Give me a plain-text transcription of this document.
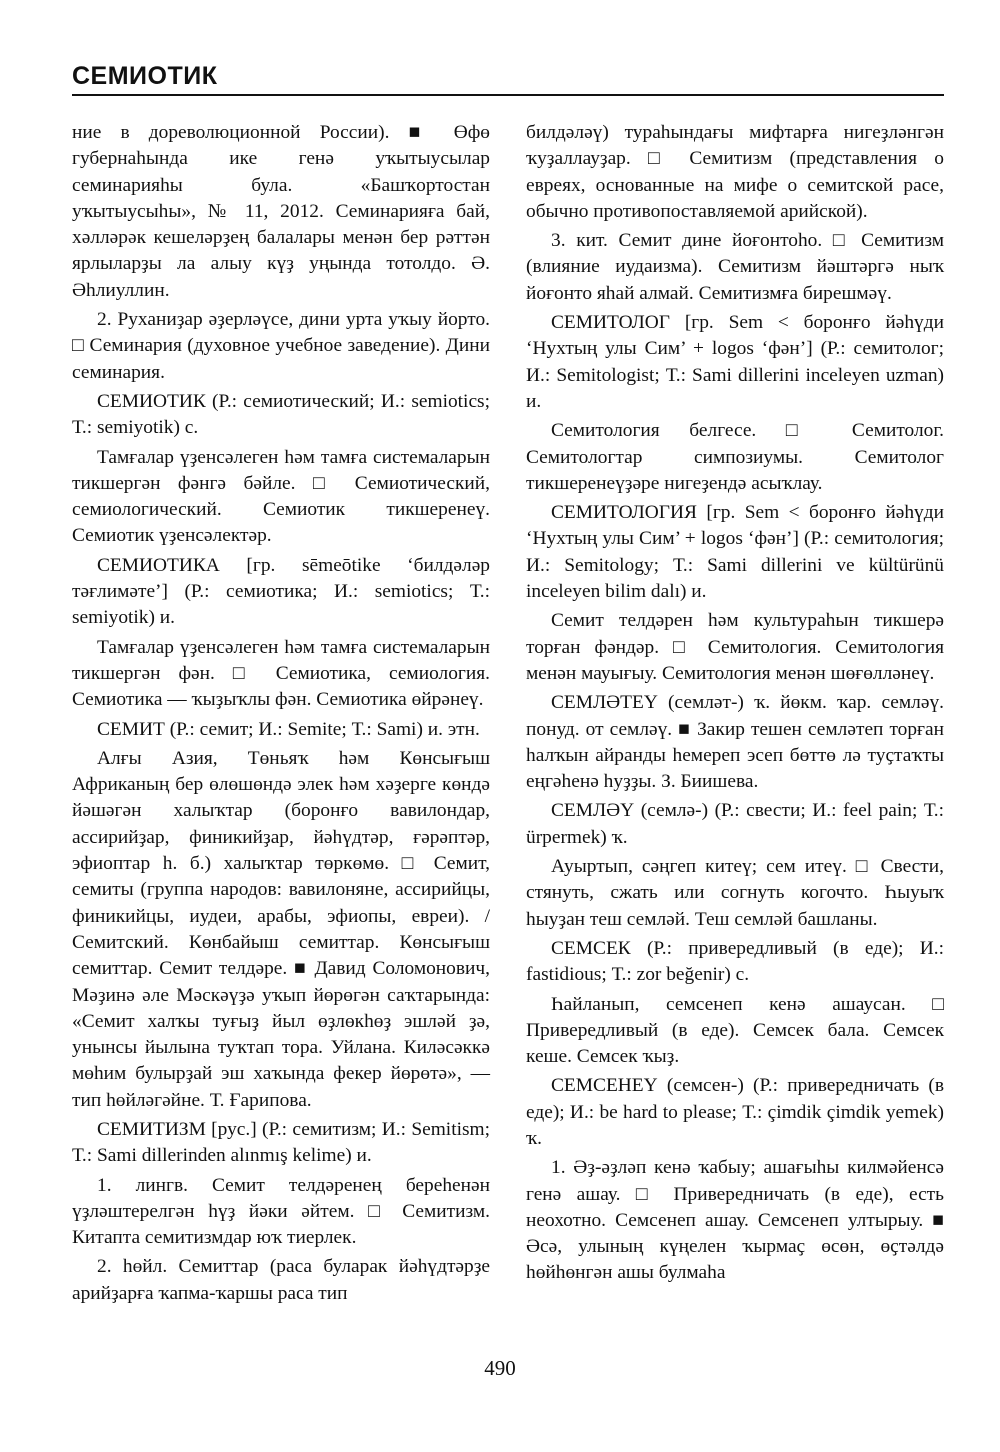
СЕМИОТИК

ние в дореволюционной России). ■ Өфө губернаһында ике генә уҡытыусылар семинарияһы була. «Башҡортостан уҡытыусыһы», № 11, 2012. Семинарияға бай, хәлләрәк кешеләрҙең балалары менән бер рәттән ярлыларҙы ла алыу күҙ уңында тотолдо. Ә. Әһлиуллин.

2. Руханиҙар әҙерләүсе, дини урта уҡыу йорто. □ Семинария (духовное учебное заведение). Дини семинария.

СЕМИОТИК (Р.: семиотический; И.: semiotics; Т.: semiyotik) с.

Тамғалар үҙенсәлеген һәм тамға системаларын тикшергән фәнгә бәйле. □ Семиотический, семиологический. Семиотик тикшеренеү. Семиотик үҙенсәлектәр.

СЕМИОТИКА [гр. sēmeōtike ‘билдәләр тәғлимәте’] (Р.: семиотика; И.: semiotics; Т.: semiyotik) и.

Тамғалар үҙенсәлеген һәм тамға системаларын тикшергән фән. □ Семиотика, семиология. Семиотика — ҡыҙыҡлы фән. Семиотика өйрәнеү.

СЕМИТ (Р.: семит; И.: Semite; Т.: Sami) и. этн.

Алғы Азия, Төньяҡ һәм Көнсығыш Африканың бер өлөшөндә элек һәм хәҙерге көндә йәшәгән халыҡтар (боронғо вавилондар, ассирийҙар, финикийҙар, йәһүдтәр, ғәрәптәр, эфиоптар һ. б.) халыҡтар төркөмө. □ Семит, семиты (группа народов: вавилоняне, ассирийцы, финикийцы, иудеи, арабы, эфиопы, евреи). / Семитский. Көнбайыш семиттар. Көнсығыш семиттар. Семит телдәре. ■ Давид Соломонович, Мәҙинә әле Мәскәүҙә уҡып йөрөгән саҡтарында: «Семит халҡы туғыҙ йыл өҙлөкһөҙ эшләй ҙә, унынсы йылына туҡтап тора. Уйлана. Киләсәккә мөһим булырҙай эш хаҡында фекер йөрөтә», — тип һөйләгәйне. Т. Ғарипова.

СЕМИТИЗМ [рус.] (Р.: семитизм; И.: Semitism; Т.: Sami dillerinden alınmış kelime) и.

1. лингв. Семит телдәренең береһенән үҙләштерелгән һүҙ йәки әйтем. □ Семитизм. Китапта семитизмдар юҡ тиерлек.

2. һөйл. Семиттар (раса буларак йәһүдтәрҙе арийҙарға ҡапма-ҡаршы раса тип

билдәләү) тураһындағы мифтарға нигеҙләнгән ҡуҙаллауҙар. □ Семитизм (представления о евреях, основанные на мифе о семитской расе, обычно противопоставляемой арийской).

3. кит. Семит дине йоғонтоһо. □ Семитизм (влияние иудаизма). Семитизм йәштәргә ныҡ йоғонто яһай алмай. Семитизмға бирешмәү.

СЕМИТОЛОГ [гр. Sem < боронғо йәһүди ‘Нухтың улы Сим’ + logos ‘фән’] (Р.: семитолог; И.: Semitologist; Т.: Sami dillerini inceleyen uzman) и.

Семитология белгесе. □ Семитолог. Семитологтар симпозиумы. Семитолог тикшеренеүҙәре нигеҙендә асыҡлау.

СЕМИТОЛОГИЯ [гр. Sem < боронғо йәһүди ‘Нухтың улы Сим’ + logos ‘фән’] (Р.: семитология; И.: Semitology; Т.: Sami dillerini ve kültürünü inceleyen bilim dalı) и.

Семит телдәрен һәм культураһын тикшерә торған фәндәр. □ Семитология. Семитология менән мауығыу. Семитология менән шөғөлләнеү.

СЕМЛӘТЕҮ (семләт-) ҡ. йөкм. ҡар. семләү. понуд. от семләү. ■ Закир тешен семләтеп торған һалҡын айранды һемереп эсеп бөттө лә туҫтаҡты еңгәһенә һуҙҙы. З. Биишева.

СЕМЛӘҮ (семлә-) (Р.: свести; И.: feel pain; Т.: ürpermek) ҡ.

Ауыртып, сәңгеп китеү; сем итеү. □ Свести, стянуть, сжать или согнуть когочто. Һыуыҡ һыуҙан теш семләй. Теш семләй башланы.

СЕМСЕК (Р.: привередливый (в еде); И.: fastidious; Т.: zor beğenir) с.

Һайланып, семсенеп кенә ашаусан. □ Привередливый (в еде). Семсек бала. Семсек кеше. Семсек ҡыҙ.

СЕМСЕНЕҮ (семсен-) (Р.: привередничать (в еде); И.: be hard to please; Т.: çimdik çimdik yemek) ҡ.

1. Әҙ-әҙләп кенә ҡабыу; ашағыһы килмәйенсә генә ашау. □ Привередничать (в еде), есть неохотно. Семсенеп ашау. Семсенеп ултырыу. ■ Әсә, улының күңелен ҡырмаҫ өсөн, өҫтәлдә һөйһөнгән ашы булмаһа

490
